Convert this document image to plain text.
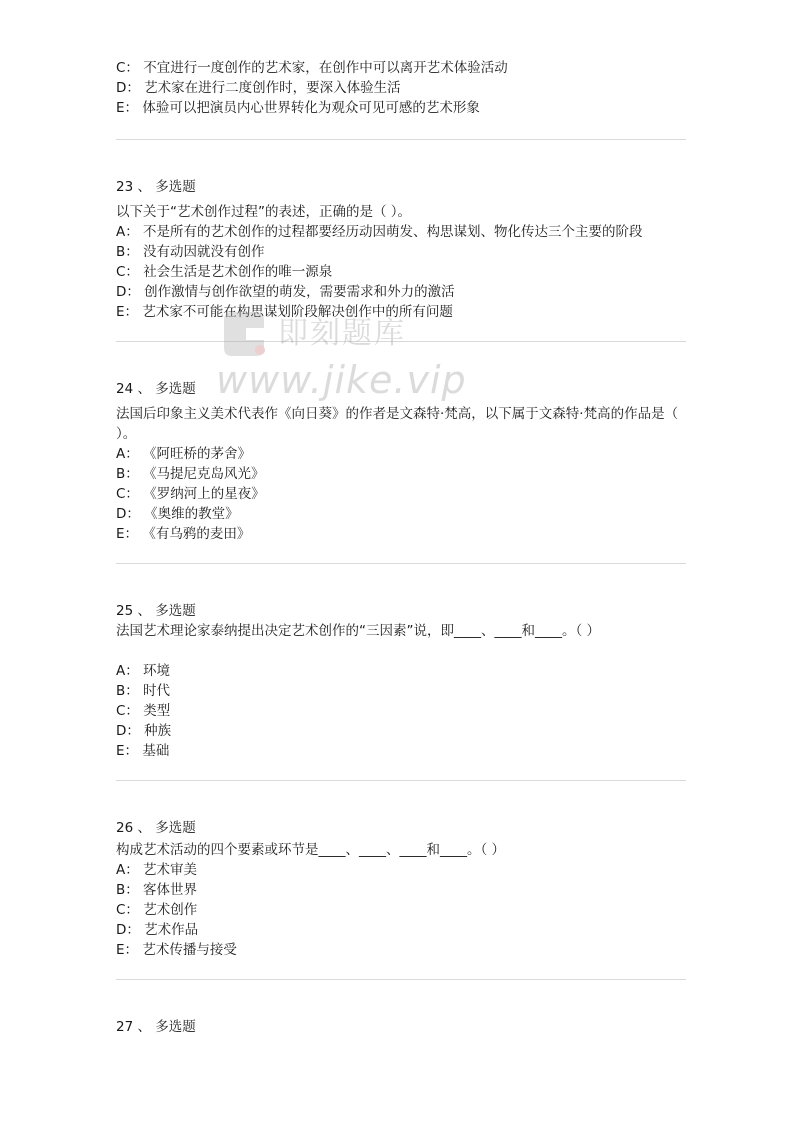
C： 不宜进行一度创作的艺术家，在创作中可以离开艺术体验活动
D： 艺术家在进行二度创作时，要深入体验生活
E： 体验可以把演员内心世界转化为观众可见可感的艺术形象
23 、 多选题
以下关于“艺术创作过程”的表述，正确的是（ ）。
A： 不是所有的艺术创作的过程都要经历动因萌发、构思谋划、物化传达三个主要的阶段
B： 没有动因就没有创作
C： 社会生活是艺术创作的唯一源泉
D： 创作激情与创作欲望的萌发，需要需求和外力的激活
E： 艺术家不可能在构思谋划阶段解决创作中的所有问题
24 、 多选题
法国后印象主义美术代表作《向日葵》的作者是文森特·梵高，以下属于文森特·梵高的作品是（ ）。
A： 《阿旺桥的茅舍》
B： 《马提尼克岛风光》
C： 《罗纳河上的星夜》
D： 《奥维的教堂》
E： 《有乌鸦的麦田》
25 、 多选题
法国艺术理论家泰纳提出决定艺术创作的“三因素”说，即____、____和____。（ ）
A： 环境
B： 时代
C： 类型
D： 种族
E： 基础
26 、 多选题
构成艺术活动的四个要素或环节是____、____、____和____。（ ）
A： 艺术审美
B： 客体世界
C： 艺术创作
D： 艺术作品
E： 艺术传播与接受
27 、 多选题
即刻题库
www.jike.vip
